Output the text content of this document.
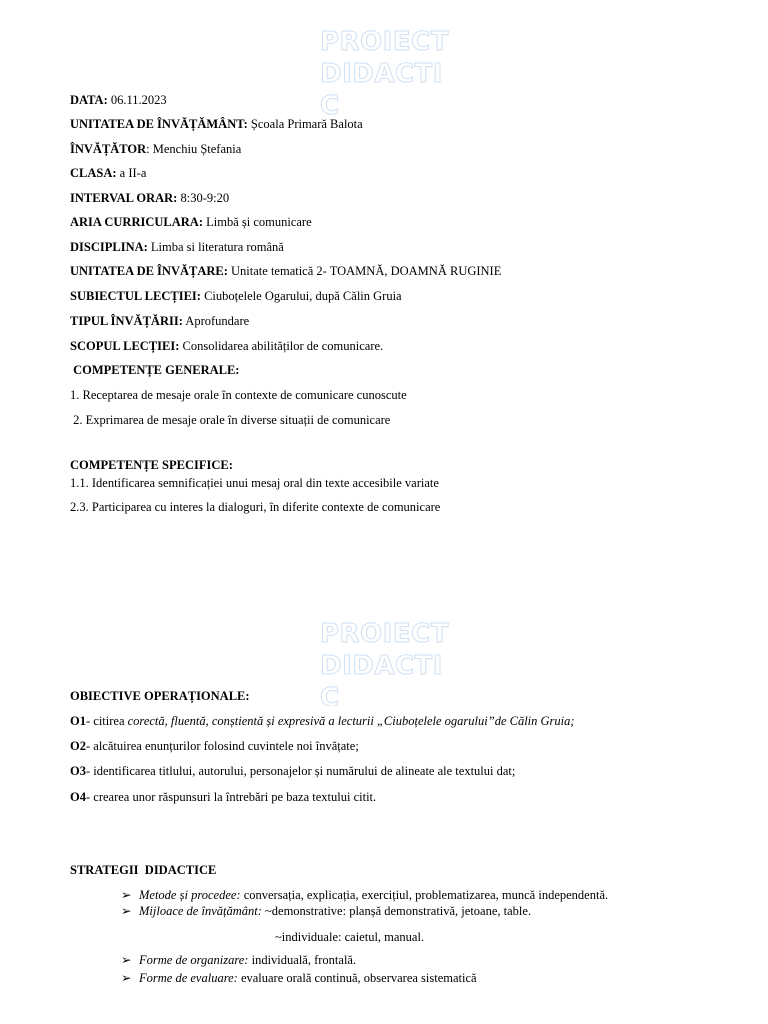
PROIECT
DIDACTI
C
PROIECT
DIDACTI
C
DATA: 06.11.2023
UNITATEA DE ÎNVĂȚĂMÂNT: Școala Primară Balota
ÎNVĂȚĂTOR: Menchiu Ștefania
CLASA: a II-a
INTERVAL ORAR: 8:30-9:20
ARIA CURRICULARA: Limbă și comunicare
DISCIPLINA: Limba si literatura română
UNITATEA DE ÎNVĂȚARE: Unitate tematică 2- TOAMNĂ, DOAMNĂ RUGINIE
SUBIECTUL LECȚIEI: Ciuboțelele Ogarului, după Călin Gruia
TIPUL ÎNVĂȚĂRII: Aprofundare
SCOPUL LECȚIEI: Consolidarea abilităților de comunicare.
COMPETENȚE GENERALE:
1. Receptarea de mesaje orale în contexte de comunicare cunoscute
2. Exprimarea de mesaje orale în diverse situații de comunicare
COMPETENȚE SPECIFICE:
1.1. Identificarea semnificației unui mesaj oral din texte accesibile variate
2.3. Participarea cu interes la dialoguri, în diferite contexte de comunicare
OBIECTIVE OPERAȚIONALE:
O1- citirea corectă, fluentă, conștientă și expresivă a lecturii „Ciuboțelele ogarului”de Călin Gruia;
O2- alcătuirea enunțurilor folosind cuvintele noi învățate;
O3- identificarea titlului, autorului, personajelor și numărului de alineate ale textului dat;
O4- crearea unor răspunsuri la întrebări pe baza textului citit.
STRATEGII  DIDACTICE
➢ Metode și procedee: conversația, explicația, exercițiul, problematizarea, muncă independentă.
➢ Mijloace de învățământ: ~demonstrative: planșă demonstrativă, jetoane, table.
~individuale: caietul, manual.
➢ Forme de organizare: individuală, frontală.
➢ Forme de evaluare: evaluare orală continuă, observarea sistematică
